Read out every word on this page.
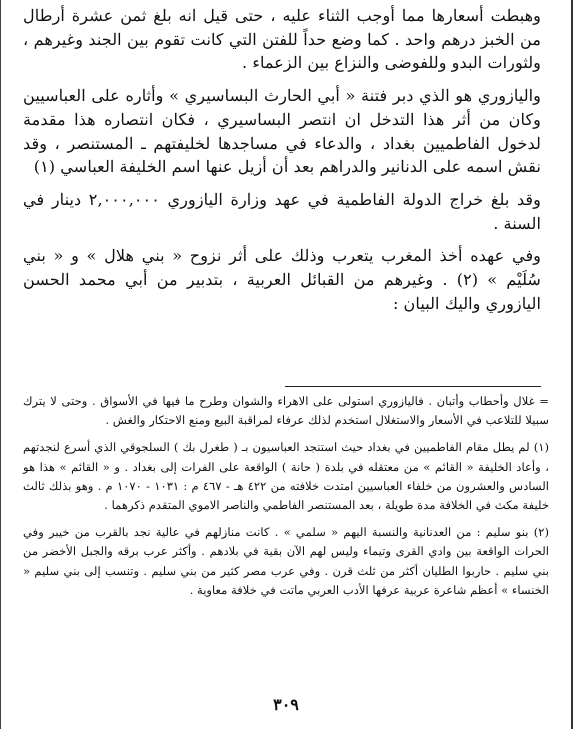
وهبطت أسعارها مما أوجب الثناء عليه ، حتى قيل انه بلغ ثمن عشرة أرطال من الخبز درهم واحد . كما وضع حداً للفتن التي كانت تقوم بين الجند وغيرهم ، ولثورات البدو وللفوضى والنزاع بين الزعماء .

واليازوري هو الذي دبر فتنة « أبي الحارث البساسيري » وأثاره على العباسيين وكان من أثر هذا التدخل ان انتصر البساسيري ، فكان انتصاره هذا مقدمة لدخول الفاطميين بغداد ، والدعاء في مساجدها لخليفتهم ـ المستنصر ، وقد نقش اسمه على الدنانير والدراهم بعد أن أزيل عنها اسم الخليفة العباسي (١)

وقد بلغ خراج الدولة الفاطمية في عهد وزارة اليازوري ٢,٠٠٠,٠٠٠ دينار في السنة .

وفي عهده أخذ المغرب يتعرب وذلك على أثر نزوح « بني هلال » و « بني سُلَيْم » (٢) . وغيرهم من القبائل العربية ، بتدبير من أبي محمد الحسن اليازوري واليك البيان :

= غلال وأحطاب وأتبان . فاليازوري استولى على الاهراء والشوان وطرح ما فيها في الأسواق . وحتى لا يترك سبيلا للتلاعب في الأسعار والاستغلال استخدم لذلك عرفاء لمراقبة البيع ومنع الاحتكار والغش .

(١) لم يطل مقام الفاطميين في بغداد حيث استنجد العباسيون بـ ( طغرل بك ) السلجوقي الذي أسرع لنجدتهم ، وأعاد الخليفة « القائم » من معتقله في بلدة ( حانة ) الواقعة على الفرات إلى بغداد . و « القائم » هذا هو السادس والعشرون من خلفاء العباسيين امتدت خلافته من ٤٢٢ هـ - ٤٦٧ م : ١٠٣١ - ١٠٧٠ م . وهو بذلك ثالث خليفة مكث في الخلافة مدة طويلة ، بعد المستنصر الفاطمي والناصر الاموي المتقدم ذكرهما .

(٢) بنو سليم : من العدنانية والنسبة اليهم « سلمي » . كانت منازلهم في عالية نجد بالقرب من خيبر وفي الحرات الواقعة بين وادي القرى وتيماء وليس لهم الآن بقية في بلادهم . وأكثر عرب برقه والجبل الأخضر من بني سليم . حاربوا الطليان أكثر من ثلث قرن . وفي عرب مصر كثير من بني سليم . وتنسب إلى بني سليم « الخنساء » أعظم شاعرة عربية عرفها الأدب العربي ماتت في خلافة معاوية .

٣٠٩
